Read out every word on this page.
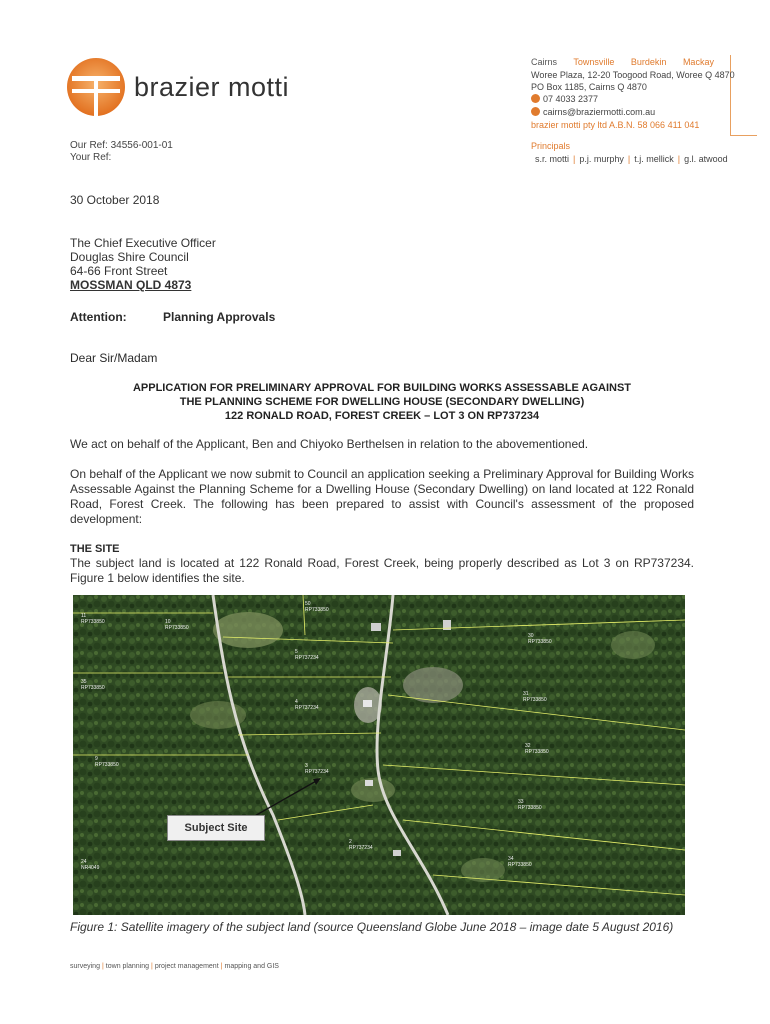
brazier motti
Cairns Townsville Burdekin Mackay
Woree Plaza, 12-20 Toogood Road, Woree Q 4870
PO Box 1185, Cairns Q 4870
07 4033 2377
cairns@braziermotti.com.au
brazier motti pty ltd A.B.N. 58 066 411 041
Principals
s.r. motti | p.j. murphy | t.j. mellick | g.l. atwood
Our Ref: 34556-001-01
Your Ref:
30 October 2018
The Chief Executive Officer
Douglas Shire Council
64-66 Front Street
MOSSMAN QLD 4873
Attention:	Planning Approvals
Dear Sir/Madam
APPLICATION FOR PRELIMINARY APPROVAL FOR BUILDING WORKS ASSESSABLE AGAINST
THE PLANNING SCHEME FOR DWELLING HOUSE (SECONDARY DWELLING)
122 RONALD ROAD, FOREST CREEK – LOT 3 ON RP737234
We act on behalf of the Applicant, Ben and Chiyoko Berthelsen in relation to the abovementioned.
On behalf of the Applicant we now submit to Council an application seeking a Preliminary Approval for Building Works Assessable Against the Planning Scheme for a Dwelling House (Secondary Dwelling) on land located at 122 Ronald Road, Forest Creek. The following has been prepared to assist with Council's assessment of the proposed development:
THE SITE
The subject land is located at 122 Ronald Road, Forest Creek, being properly described as Lot 3 on RP737234. Figure 1 below identifies the site.
11 RP733850	10 RP733850
50 RP733850
5 RP737234
4 RP737234
3 RP737234
2 RP737234
30 RP733850
31 RP733850
32 RP733850
33 RP733850
34 RP733850
35 RP733850
9 RP733850
24 NR4049
Subject Site
Figure 1: Satellite imagery of the subject land (source Queensland Globe June 2018 – image date 5 August 2016)
surveying | town planning | project management | mapping and GIS
